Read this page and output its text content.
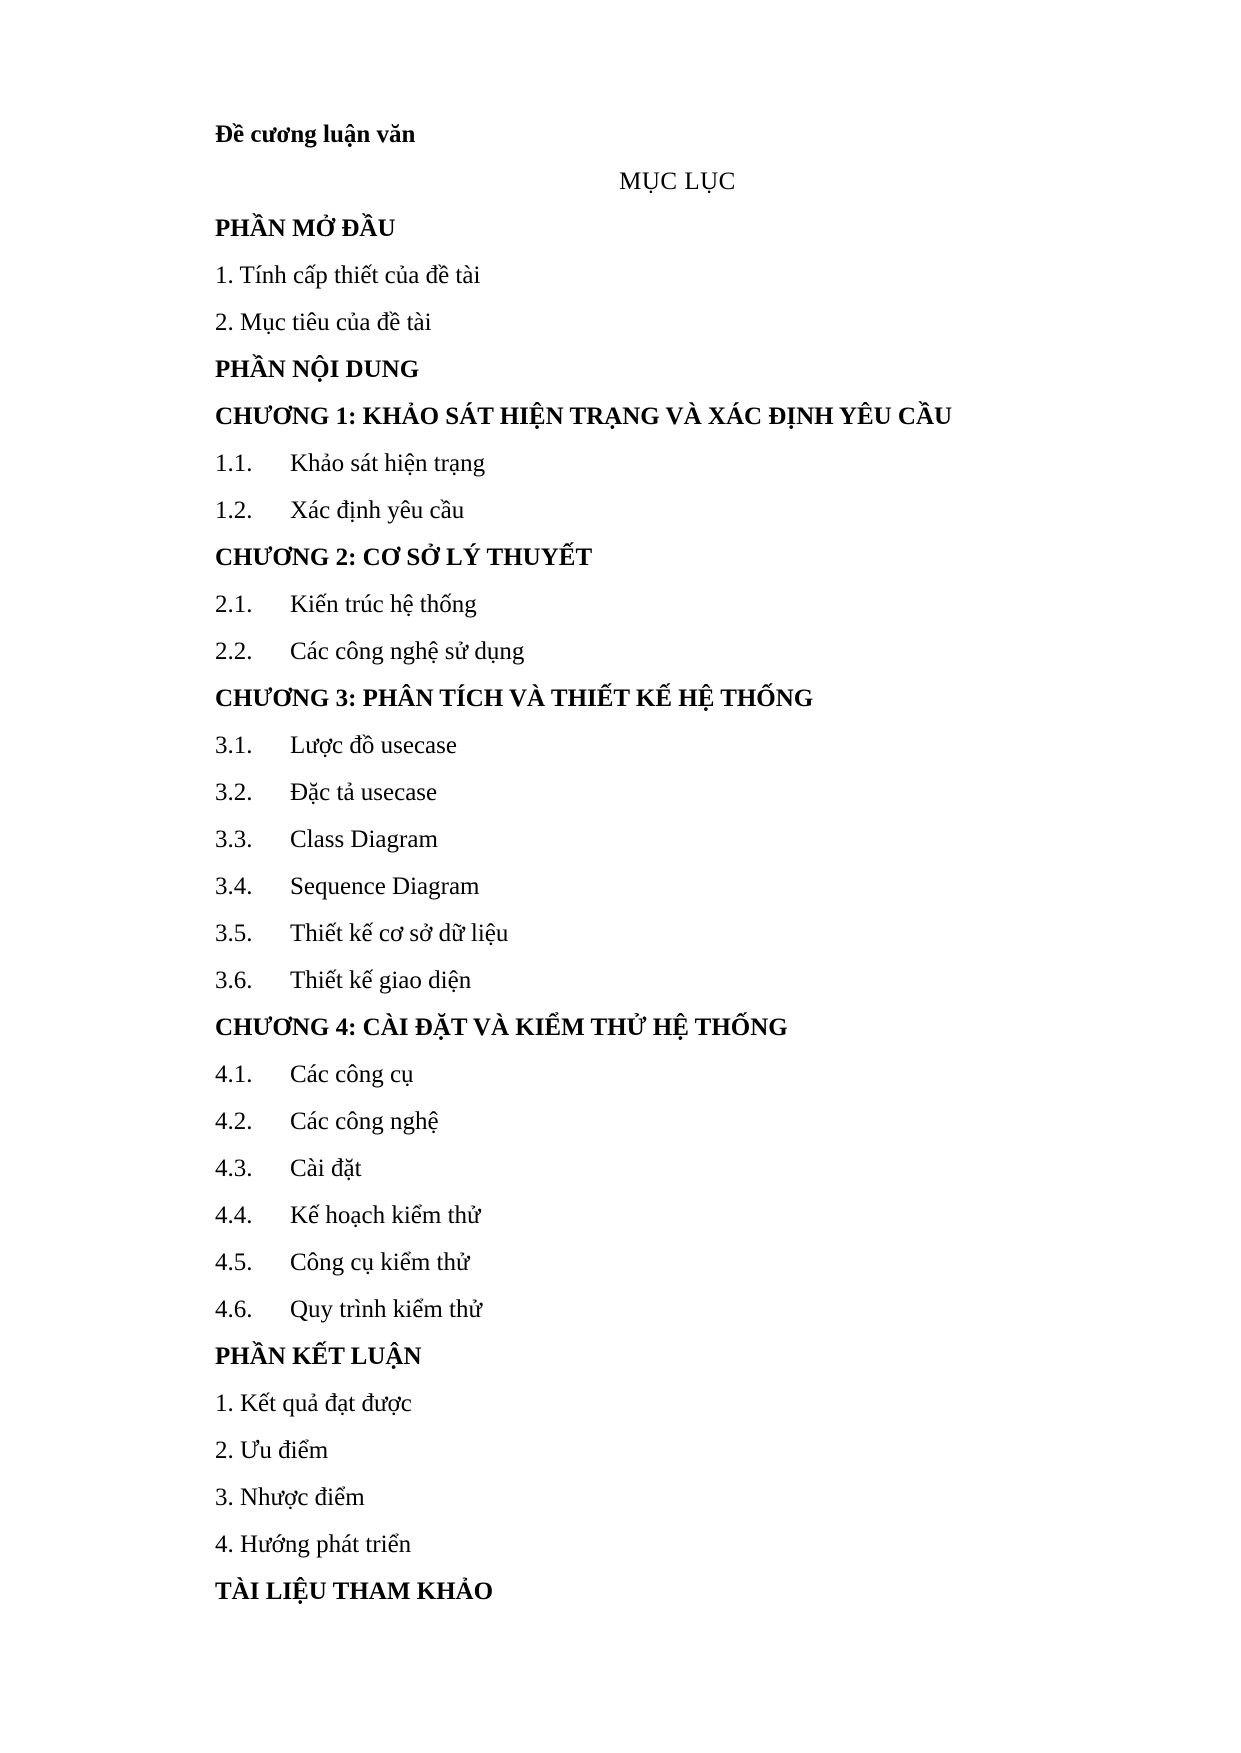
Đề cương luận văn
MỤC LỤC
PHẦN MỞ ĐẦU
1. Tính cấp thiết của đề tài
2. Mục tiêu của đề tài
PHẦN NỘI DUNG
CHƯƠNG 1: KHẢO SÁT HIỆN TRẠNG VÀ XÁC ĐỊNH YÊU CẦU
1.1.	Khảo sát hiện trạng
1.2.	Xác định yêu cầu
CHƯƠNG 2: CƠ SỞ LÝ THUYẾT
2.1.	Kiến trúc hệ thống
2.2.	Các công nghệ sử dụng
CHƯƠNG 3: PHÂN TÍCH VÀ THIẾT KẾ HỆ THỐNG
3.1.	Lược đồ usecase
3.2.	Đặc tả usecase
3.3.	Class Diagram
3.4.	Sequence Diagram
3.5.	Thiết kế cơ sở dữ liệu
3.6.	Thiết kế giao diện
CHƯƠNG 4: CÀI ĐẶT VÀ KIỂM THỬ HỆ THỐNG
4.1.	Các công cụ
4.2.	Các công nghệ
4.3.	Cài đặt
4.4.	Kế hoạch kiểm thử
4.5.	Công cụ kiểm thử
4.6.	Quy trình kiểm thử
PHẦN KẾT LUẬN
1. Kết quả đạt được
2. Ưu điểm
3. Nhược điểm
4. Hướng phát triển
TÀI LIỆU THAM KHẢO
